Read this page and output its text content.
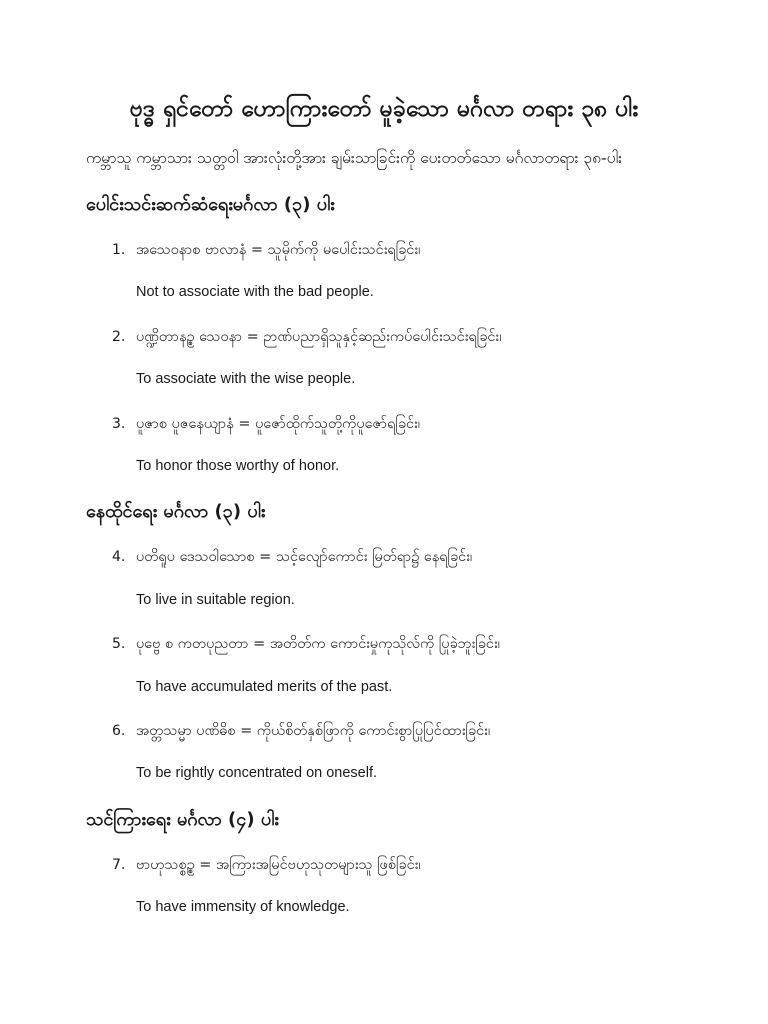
ဗုဒ္ဓ ရှင်တော် ဟောကြားတော် မူခဲ့သော မင်္ဂလာ တရား ၃၈ ပါး
ကမ္ဘာသူ ကမ္ဘာသား သတ္တဝါ အားလုံးတို့အား ချမ်းသာခြင်းကို ပေးတတ်သော မင်္ဂလာတရား ၃၈-ပါး
ပေါင်းသင်းဆက်ဆံရေးမင်္ဂလာ (၃) ပါး
1. အသေဝနာစ ဗာလာနံ = သူမိုက်ကို မပေါင်းသင်းရခြင်း၊
Not to associate with the bad people.
2. ပဏ္ဍိတာနဉ္စ သေဝနာ = ဉာဏ်ပညာရှိသူနှင့်ဆည်းကပ်ပေါင်းသင်းရခြင်း၊
To associate with the wise people.
3. ပူဇာစ ပူဇနေယျာနံ = ပူဇော်ထိုက်သူတို့ကိုပူဇော်ရခြင်း၊
To honor those worthy of honor.
နေထိုင်ရေး မင်္ဂလာ (၃) ပါး
4. ပတိရူပ ဒေသဝါသောစ = သင့်လျော်ကောင်း မြတ်ရာ၌ နေရခြင်း၊
To live in suitable region.
5. ပုဗ္ဗေ စ ကတပုညတာ = အတိတ်က ကောင်းမှုကုသိုလ်ကို ပြုခဲ့ဘူးခြင်း၊
To have accumulated merits of the past.
6. အတ္တသမ္မာ ပဏိဓိစ = ကိုယ်စိတ်နှစ်ဖြာကို ကောင်းစွာပြုပြင်ထားခြင်း၊
To be rightly concentrated on oneself.
သင်ကြားရေး မင်္ဂလာ (၄) ပါး
7. ဗာဟုသစ္စဉ္စ = အကြားအမြင်ဗဟုသုတများသူ ဖြစ်ခြင်း၊
To have immensity of knowledge.
